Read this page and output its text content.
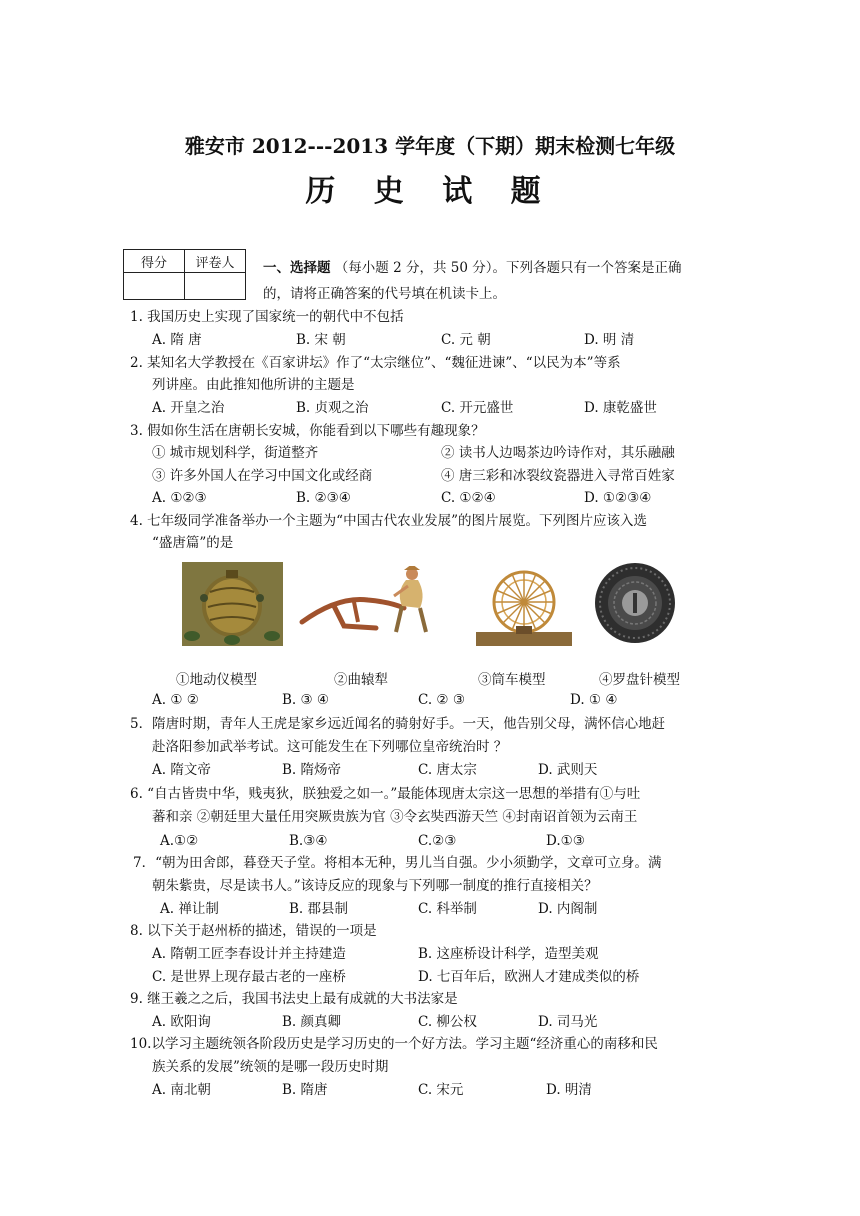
雅安市 2012---2013 学年度（下期）期末检测七年级
历 史 试 题
得分	评卷人
	一、选择题 （每小题 2 分，共 50 分）。下列各题只有一个答案是正确
的，请将正确答案的代号填在机读卡上。
1. 我国历史上实现了国家统一的朝代中不包括
A. 隋 唐	B. 宋 朝	C. 元 朝	D. 明 清
2. 某知名大学教授在《百家讲坛》作了“太宗继位”、“魏征进谏”、“以民为本”等系
列讲座。由此推知他所讲的主题是
A. 开皇之治	B. 贞观之治	C. 开元盛世	D. 康乾盛世
3. 假如你生活在唐朝长安城，你能看到以下哪些有趣现象？
① 城市规划科学，街道整齐	② 读书人边喝茶边吟诗作对，其乐融融
③ 许多外国人在学习中国文化或经商	④ 唐三彩和冰裂纹瓷器进入寻常百姓家
A. ①②③	B. ②③④	C. ①②④	D. ①②③④
4. 七年级同学准备举办一个主题为“中国古代农业发展”的图片展览。下列图片应该入选
“盛唐篇”的是
①地动仪模型	②曲辕犁	③筒车模型	④罗盘针模型
A. ① ②	B. ③ ④	C. ② ③	D. ① ④
5．隋唐时期，青年人王虎是家乡远近闻名的骑射好手。一天，他告别父母，满怀信心地赶
赴洛阳参加武举考试。这可能发生在下列哪位皇帝统治时 ？
A. 隋文帝	B. 隋炀帝	C. 唐太宗	D. 武则天
6. “自古皆贵中华，贱夷狄，朕独爱之如一。”最能体现唐太宗这一思想的举措有①与吐
蕃和亲 ②朝廷里大量任用突厥贵族为官 ③令玄奘西游天竺 ④封南诏首领为云南王
A.①②	B.③④	C.②③	D.①③
7．“朝为田舍郎，暮登天子堂。将相本无种，男儿当自强。少小须勤学，文章可立身。满
朝朱紫贵，尽是读书人。”该诗反应的现象与下列哪一制度的推行直接相关？
A. 禅让制	B. 郡县制	C. 科举制	D. 内阁制
8. 以下关于赵州桥的描述，错误的一项是
A. 隋朝工匠李春设计并主持建造	B. 这座桥设计科学，造型美观
C. 是世界上现存最古老的一座桥	D. 七百年后，欧洲人才建成类似的桥
9. 继王羲之之后，我国书法史上最有成就的大书法家是
A. 欧阳询	B. 颜真卿	C. 柳公权	D. 司马光
10.以学习主题统领各阶段历史是学习历史的一个好方法。学习主题“经济重心的南移和民
族关系的发展”统领的是哪一段历史时期
A. 南北朝	B. 隋唐	C. 宋元	D. 明清
